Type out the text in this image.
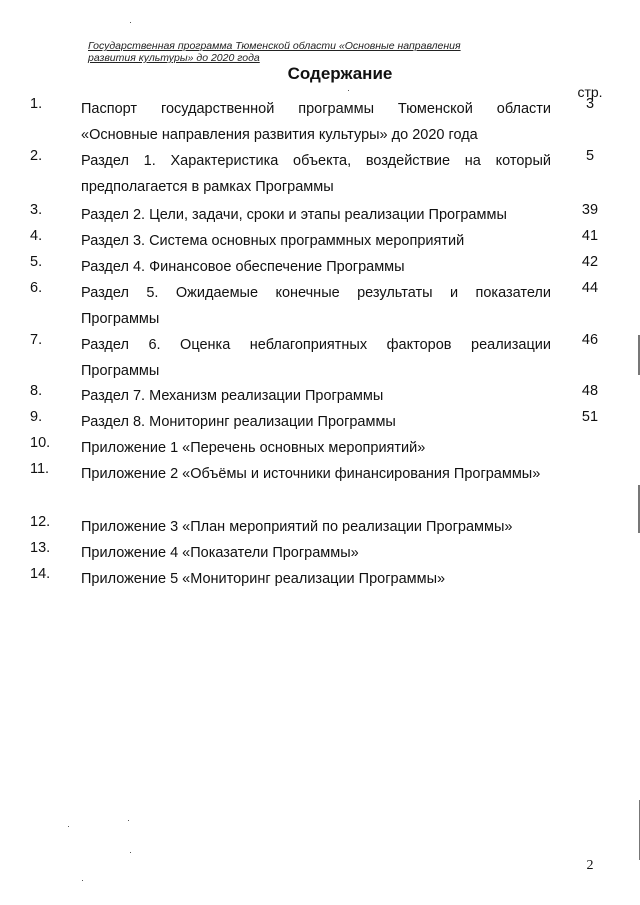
Государственная программа Тюменской области «Основные направления
развития культуры» до 2020 года
Содержание
стр.
1.	Паспорт государственной программы Тюменской области «Основные направления развития культуры» до 2020 года
3
2.	Раздел 1. Характеристика объекта, воздействие на который предполагается в рамках Программы
5
3.	Раздел 2. Цели, задачи, сроки и этапы реализации Программы	39
4.	Раздел 3. Система основных программных мероприятий	41
5.	Раздел 4. Финансовое обеспечение Программы	42
6.	Раздел 5. Ожидаемые конечные результаты и показатели Программы
44
7.	Раздел 6. Оценка неблагоприятных факторов реализации Программы
46
8.	Раздел 7. Механизм реализации Программы	48
9.	Раздел 8. Мониторинг реализации Программы	51
10.	Приложение 1 «Перечень основных мероприятий»
11.	Приложение 2 «Объёмы и источники финансирования Программы»
12.	Приложение 3 «План мероприятий по реализации Программы»
13.	Приложение 4 «Показатели Программы»
14.	Приложение 5 «Мониторинг реализации Программы»
2
